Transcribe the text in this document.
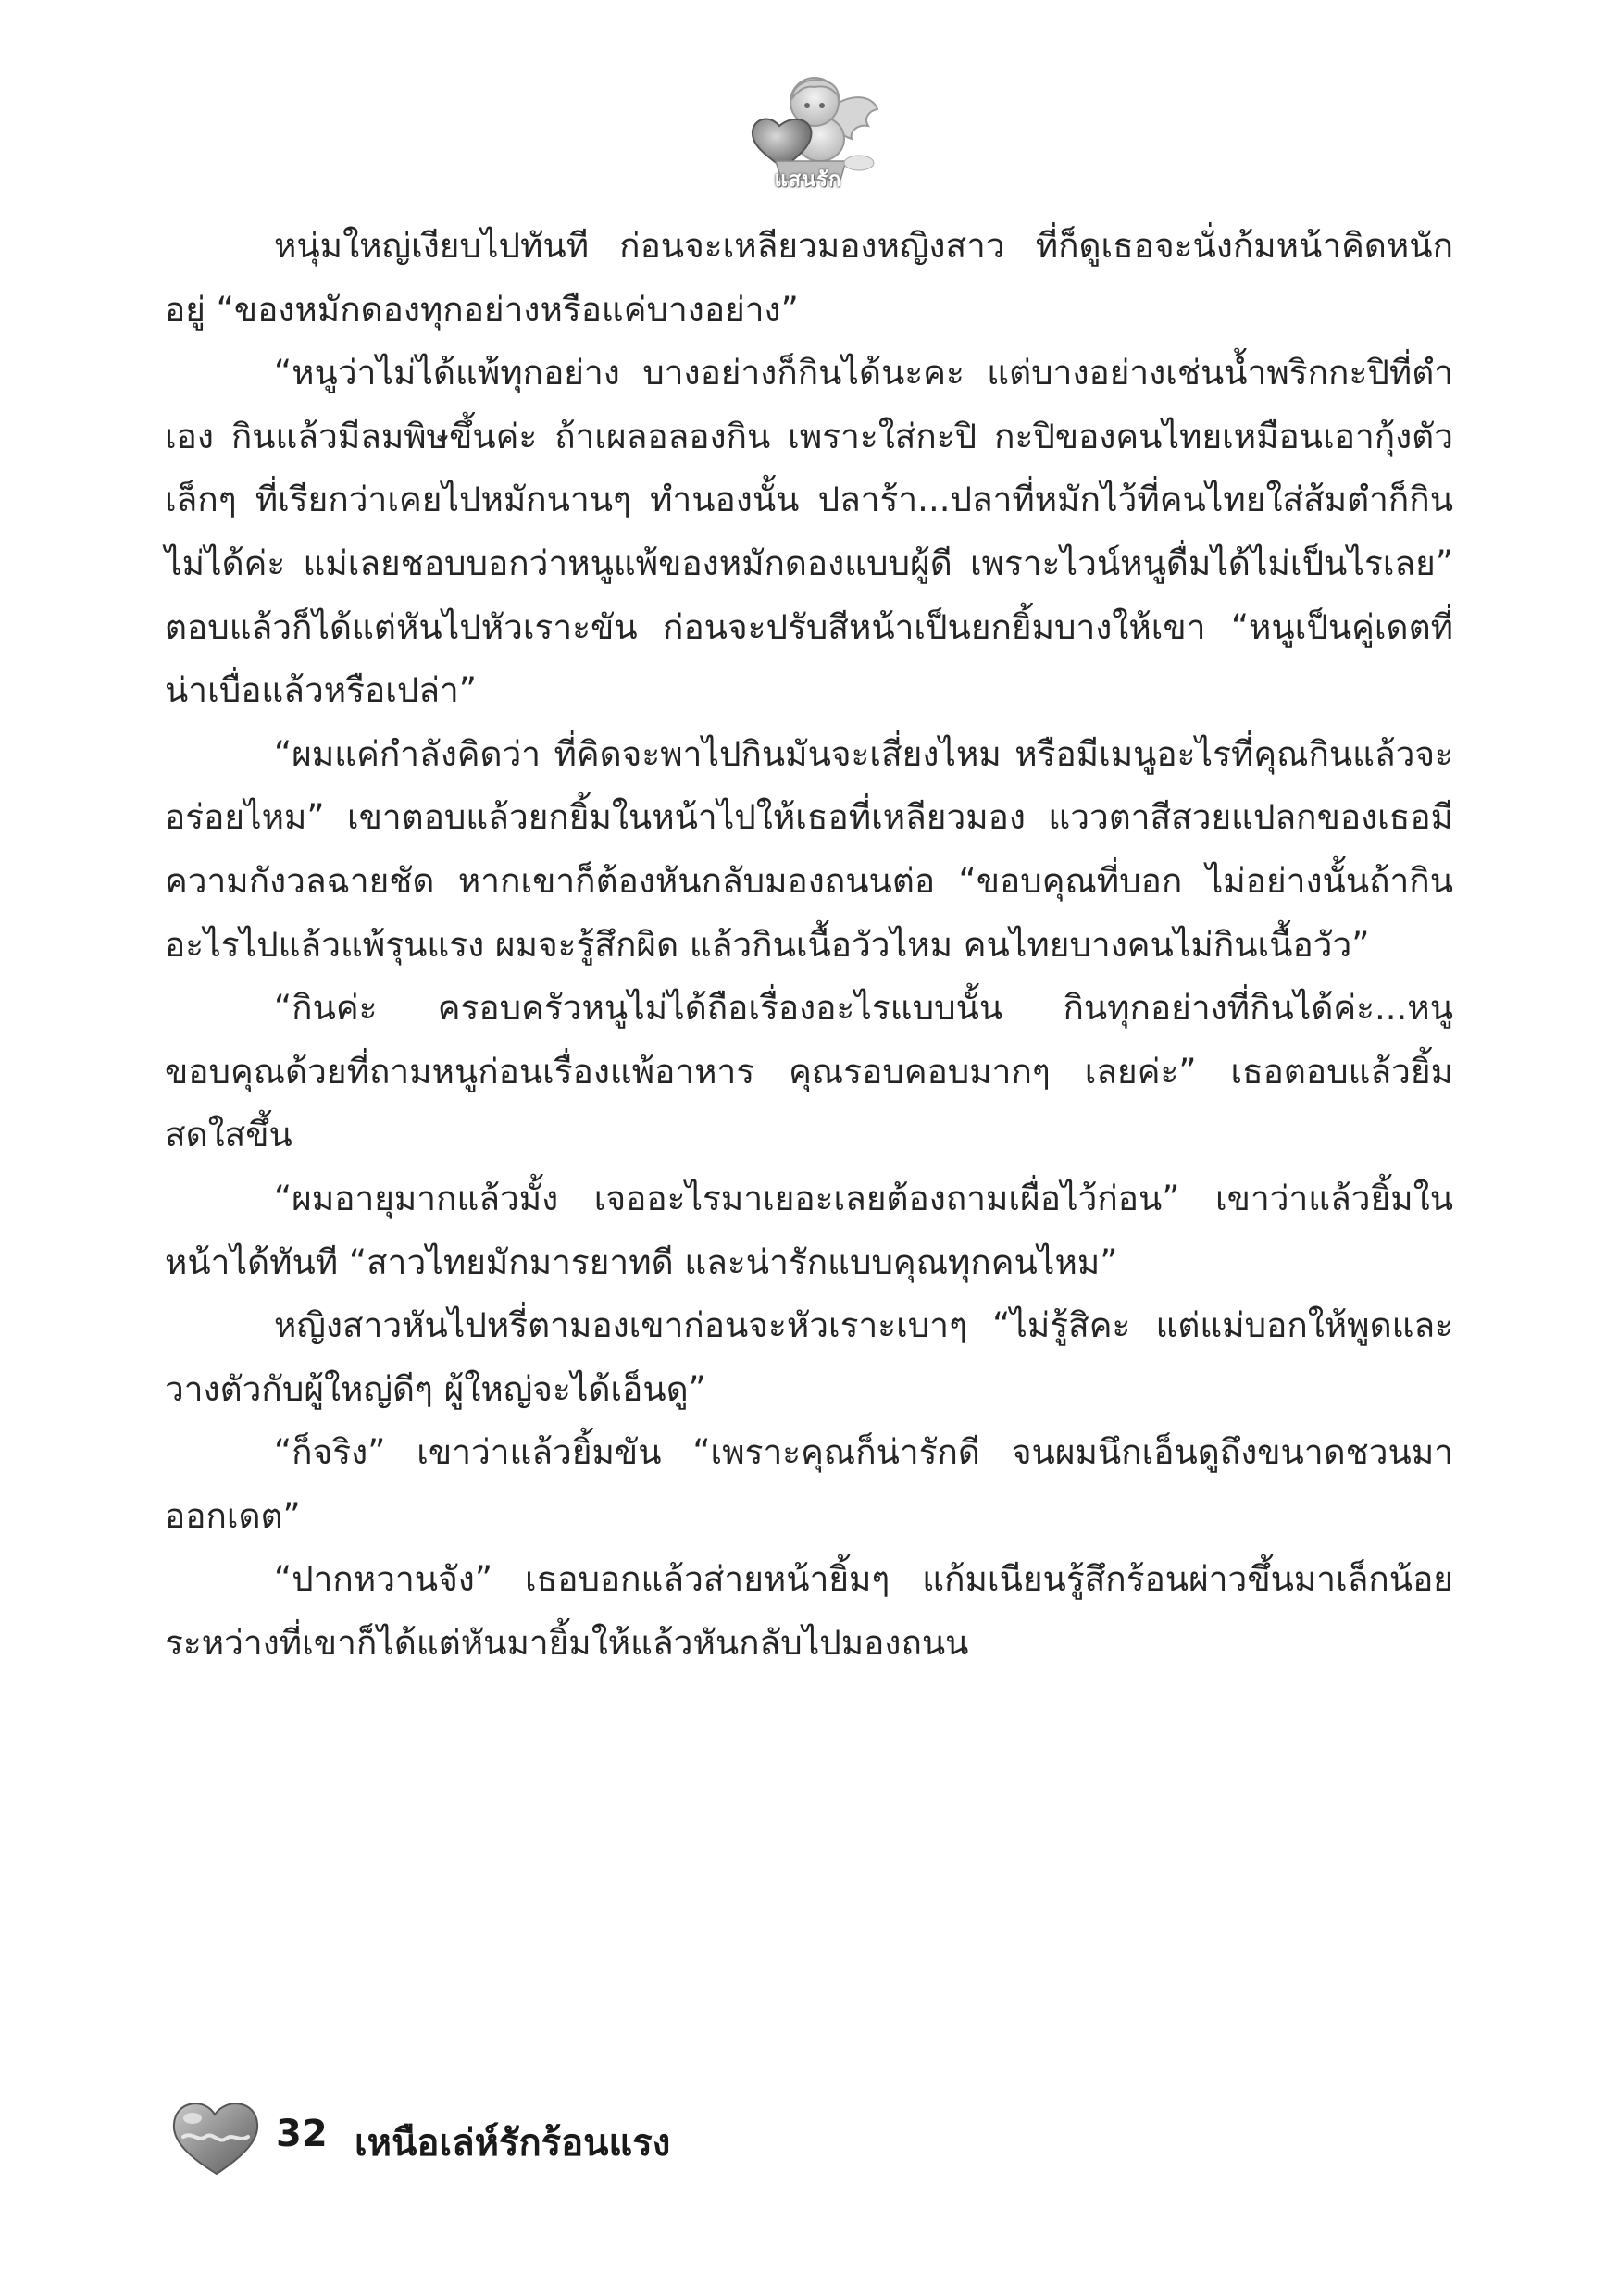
แสนรัก

หนุ่มใหญ่เงียบไปทันที ก่อนจะเหลียวมองหญิงสาว ที่ก็ดูเธอจะนั่งก้มหน้าคิดหนักอยู่ “ของหมักดองทุกอย่างหรือแค่บางอย่าง”

“หนูว่าไม่ได้แพ้ทุกอย่าง บางอย่างก็กินได้นะคะ แต่บางอย่างเช่นน้ำพริกกะปิที่ตำเอง กินแล้วมีลมพิษขึ้นค่ะ ถ้าเผลอลองกิน เพราะใส่กะปิ กะปิของคนไทยเหมือนเอากุ้งตัวเล็กๆ ที่เรียกว่าเคยไปหมักนานๆ ทำนองนั้น ปลาร้า...ปลาที่หมักไว้ที่คนไทยใส่ส้มตำก็กินไม่ได้ค่ะ แม่เลยชอบบอกว่าหนูแพ้ของหมักดองแบบผู้ดี เพราะไวน์หนูดื่มได้ไม่เป็นไรเลย” ตอบแล้วก็ได้แต่หันไปหัวเราะขัน ก่อนจะปรับสีหน้าเป็นยกยิ้มบางให้เขา “หนูเป็นคู่เดตที่น่าเบื่อแล้วหรือเปล่า”

“ผมแค่กำลังคิดว่า ที่คิดจะพาไปกินมันจะเสี่ยงไหม หรือมีเมนูอะไรที่คุณกินแล้วจะอร่อยไหม” เขาตอบแล้วยกยิ้มในหน้าไปให้เธอที่เหลียวมอง แววตาสีสวยแปลกของเธอมีความกังวลฉายชัด หากเขาก็ต้องหันกลับมองถนนต่อ “ขอบคุณที่บอก ไม่อย่างนั้นถ้ากินอะไรไปแล้วแพ้รุนแรง ผมจะรู้สึกผิด แล้วกินเนื้อวัวไหม คนไทยบางคนไม่กินเนื้อวัว”

“กินค่ะ ครอบครัวหนูไม่ได้ถือเรื่องอะไรแบบนั้น กินทุกอย่างที่กินได้ค่ะ...หนูขอบคุณด้วยที่ถามหนูก่อนเรื่องแพ้อาหาร คุณรอบคอบมากๆ เลยค่ะ” เธอตอบแล้วยิ้มสดใสขึ้น

“ผมอายุมากแล้วมั้ง เจออะไรมาเยอะเลยต้องถามเผื่อไว้ก่อน” เขาว่าแล้วยิ้มในหน้าได้ทันที “สาวไทยมักมารยาทดี และน่ารักแบบคุณทุกคนไหม”

หญิงสาวหันไปหรี่ตามองเขาก่อนจะหัวเราะเบาๆ “ไม่รู้สิคะ แต่แม่บอกให้พูดและวางตัวกับผู้ใหญ่ดีๆ ผู้ใหญ่จะได้เอ็นดู”

“ก็จริง” เขาว่าแล้วยิ้มขัน “เพราะคุณก็น่ารักดี จนผมนึกเอ็นดูถึงขนาดชวนมาออกเดต”

“ปากหวานจัง” เธอบอกแล้วส่ายหน้ายิ้มๆ แก้มเนียนรู้สึกร้อนผ่าวขึ้นมาเล็กน้อย ระหว่างที่เขาก็ได้แต่หันมายิ้มให้แล้วหันกลับไปมองถนน

32 เหนือเล่ห์รักร้อนแรง
